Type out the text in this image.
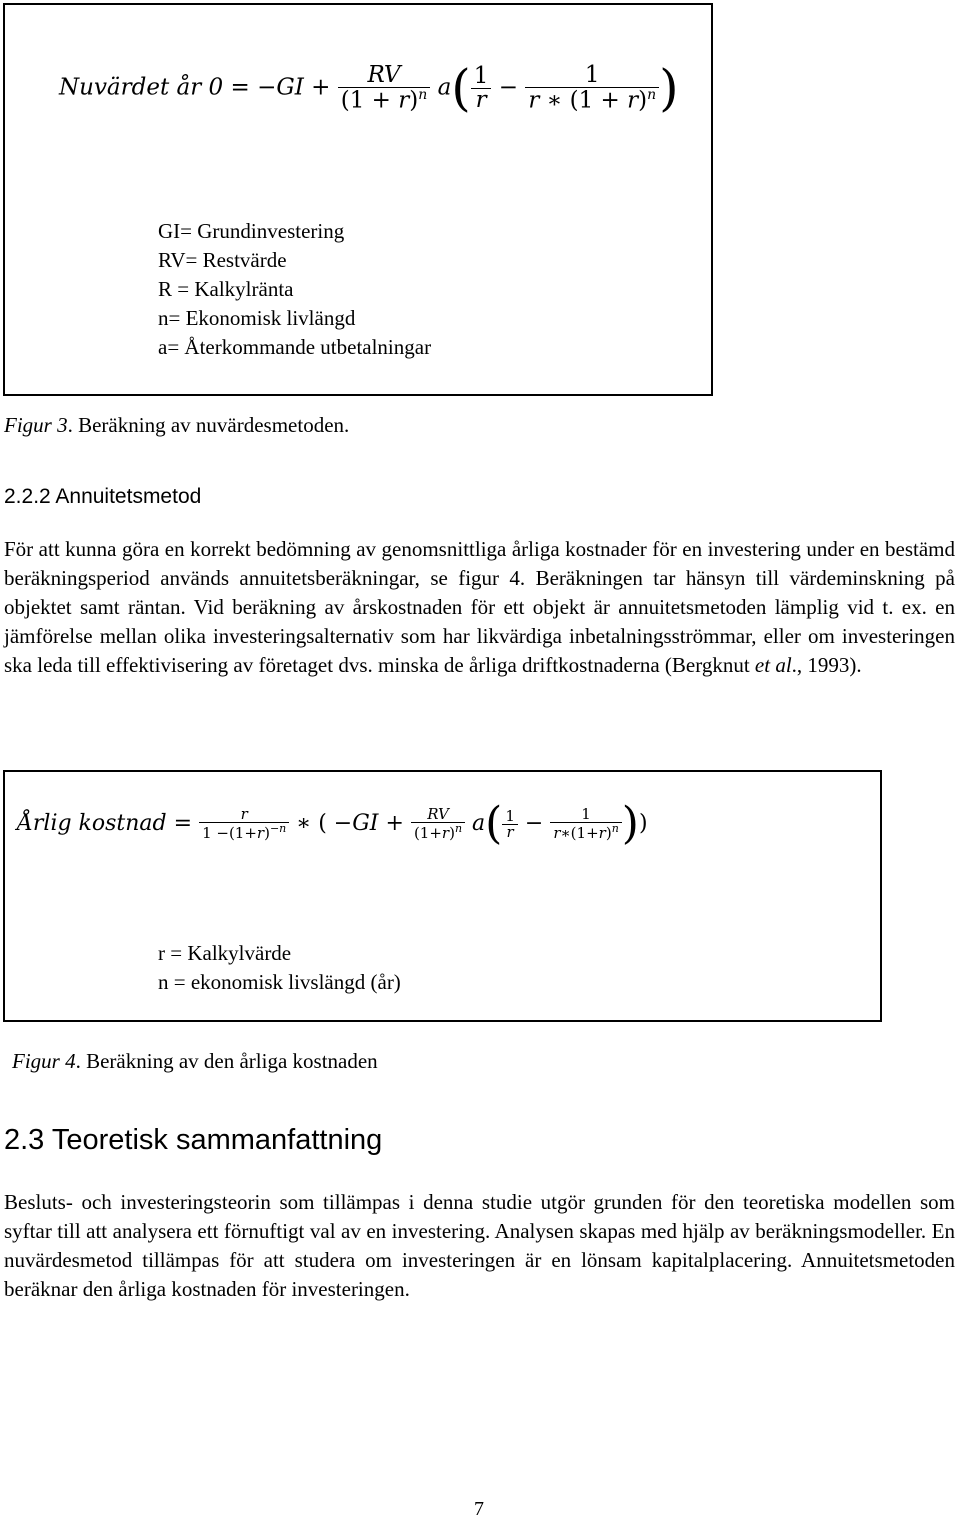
Nuvärdet år $0 = -GI + \frac{RV}{(1 + r)^n} a( \frac{1}{r} - \frac{1}{r ∗ (1 + r)^n}$ )
GI= Grundinvestering
RV= Restvärde
R = Kalkylränta
n= Ekonomisk livlängd
a= Återkommande utbetalningar
Figur 3. Beräkning av nuvärdesmetoden.
2.2.2 Annuitetsmetod
För att kunna göra en korrekt bedömning av genomsnittliga årliga kostnader för en investering under en bestämd beräkningsperiod används annuitetsberäkningar, se figur 4. Beräkningen tar hänsyn till värdeminskning på objektet samt räntan. Vid beräkning av årskostnaden för ett objekt är annuitetsmetoden lämplig vid t. ex. en jämförelse mellan olika investeringsalternativ som har likvärdiga inbetalningsströmmar, eller om investeringen ska leda till effektivisering av företaget dvs. minska de årliga driftkostnaderna (Bergknut et al., 1993).
Årlig kostnad = $\frac{r}{1 -(1+r)^{-n}}$ ∗ ( $-GI + \frac{RV}{(1+r)^n} a( \frac{1}{r} - \frac{1}{r∗(1+r)^n}$ ))
r = Kalkylvärde
n = ekonomisk livslängd (år)
Figur 4. Beräkning av den årliga kostnaden
2.3 Teoretisk sammanfattning
Besluts- och investeringsteorin som tillämpas i denna studie utgör grunden för den teoretiska modellen som syftar till att analysera ett förnuftigt val av en investering. Analysen skapas med hjälp av beräkningsmodeller. En nuvärdesmetod tillämpas för att studera om investeringen är en lönsam kapitalplacering. Annuitetsmetoden beräknar den årliga kostnaden för investeringen.
7
